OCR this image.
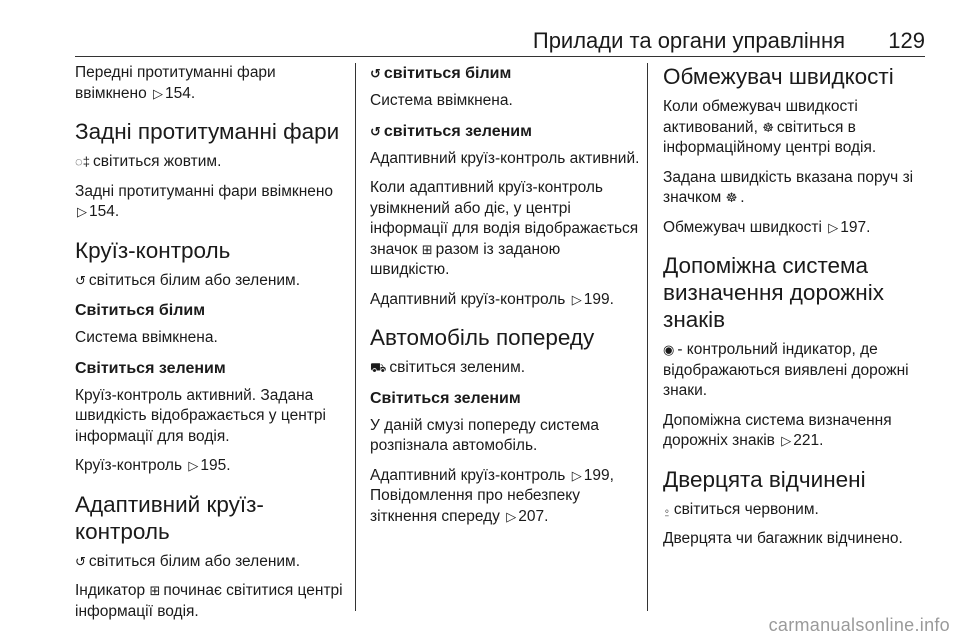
Прилади та органи управління 129

Передні протитуманні фари ввімкнено ▷ 154.

Задні протитуманні фари

◌‡ світиться жовтим.

Задні протитуманні фари ввімкнено ▷ 154.

Круїз-контроль

↺ світиться білим або зеленим.

Світиться білим

Система ввімкнена.

Світиться зеленим

Круїз-контроль активний. Задана швидкість відображається у центрі інформації для водія.

Круїз-контроль ▷ 195.

Адаптивний круїз-контроль

↺ світиться білим або зеленим.

Індикатор ⊞ починає світитися центрі інформації водія.

↺ світиться білим

Система ввімкнена.

↺ світиться зеленим

Адаптивний круїз-контроль активний.

Коли адаптивний круїз-контроль увімкнений або діє, у центрі інформації для водія відображається значок ⊞ разом із заданою швидкістю.

Адаптивний круїз-контроль ▷ 199.

Автомобіль попереду

⛟ світиться зеленим.

Світиться зеленим

У даній смузі попереду система розпізнала автомобіль.

Адаптивний круїз-контроль ▷ 199,
Повідомлення про небезпеку зіткнення спереду ▷ 207.

Обмежувач швидкості

Коли обмежувач швидкості активований, ☸ світиться в інформаційному центрі водія.

Задана швидкість вказана поруч зі значком ☸ .

Обмежувач швидкості ▷ 197.

Допоміжна система визначення дорожніх знаків

◉ - контрольний індикатор, де відображаються виявлені дорожні знаки.

Допоміжна система визначення дорожніх знаків ▷ 221.

Дверцята відчинені

⍛ світиться червоним.

Дверцята чи багажник відчинено.

carmanualsonline.info
